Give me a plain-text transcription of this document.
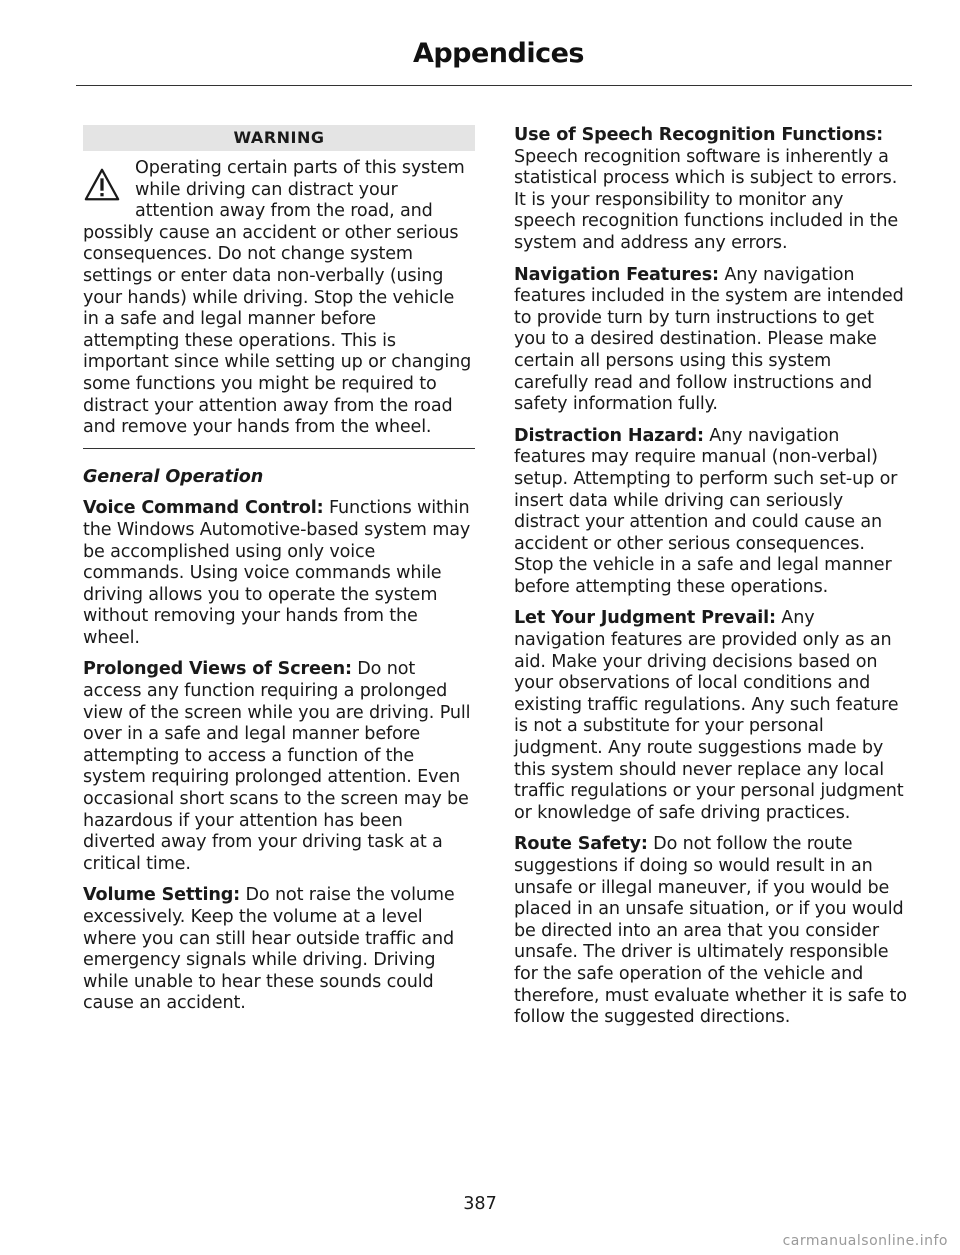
Appendices
WARNING

Operating certain parts of this system while driving can distract your attention away from the road, and possibly cause an accident or other serious consequences. Do not change system settings or enter data non-verbally (using your hands) while driving. Stop the vehicle in a safe and legal manner before attempting these operations. This is important since while setting up or changing some functions you might be required to distract your attention away from the road and remove your hands from the wheel.

General Operation

Voice Command Control: Functions within the Windows Automotive-based system may be accomplished using only voice commands. Using voice commands while driving allows you to operate the system without removing your hands from the wheel.

Prolonged Views of Screen: Do not access any function requiring a prolonged view of the screen while you are driving. Pull over in a safe and legal manner before attempting to access a function of the system requiring prolonged attention. Even occasional short scans to the screen may be hazardous if your attention has been diverted away from your driving task at a critical time.

Volume Setting: Do not raise the volume excessively. Keep the volume at a level where you can still hear outside traffic and emergency signals while driving. Driving while unable to hear these sounds could cause an accident.

Use of Speech Recognition Functions: Speech recognition software is inherently a statistical process which is subject to errors. It is your responsibility to monitor any speech recognition functions included in the system and address any errors.

Navigation Features: Any navigation features included in the system are intended to provide turn by turn instructions to get you to a desired destination. Please make certain all persons using this system carefully read and follow instructions and safety information fully.

Distraction Hazard: Any navigation features may require manual (non-verbal) setup. Attempting to perform such set-up or insert data while driving can seriously distract your attention and could cause an accident or other serious consequences. Stop the vehicle in a safe and legal manner before attempting these operations.

Let Your Judgment Prevail: Any navigation features are provided only as an aid. Make your driving decisions based on your observations of local conditions and existing traffic regulations. Any such feature is not a substitute for your personal judgment. Any route suggestions made by this system should never replace any local traffic regulations or your personal judgment or knowledge of safe driving practices.

Route Safety: Do not follow the route suggestions if doing so would result in an unsafe or illegal maneuver, if you would be placed in an unsafe situation, or if you would be directed into an area that you consider unsafe. The driver is ultimately responsible for the safe operation of the vehicle and therefore, must evaluate whether it is safe to follow the suggested directions.

387
carmanualsonline.info
